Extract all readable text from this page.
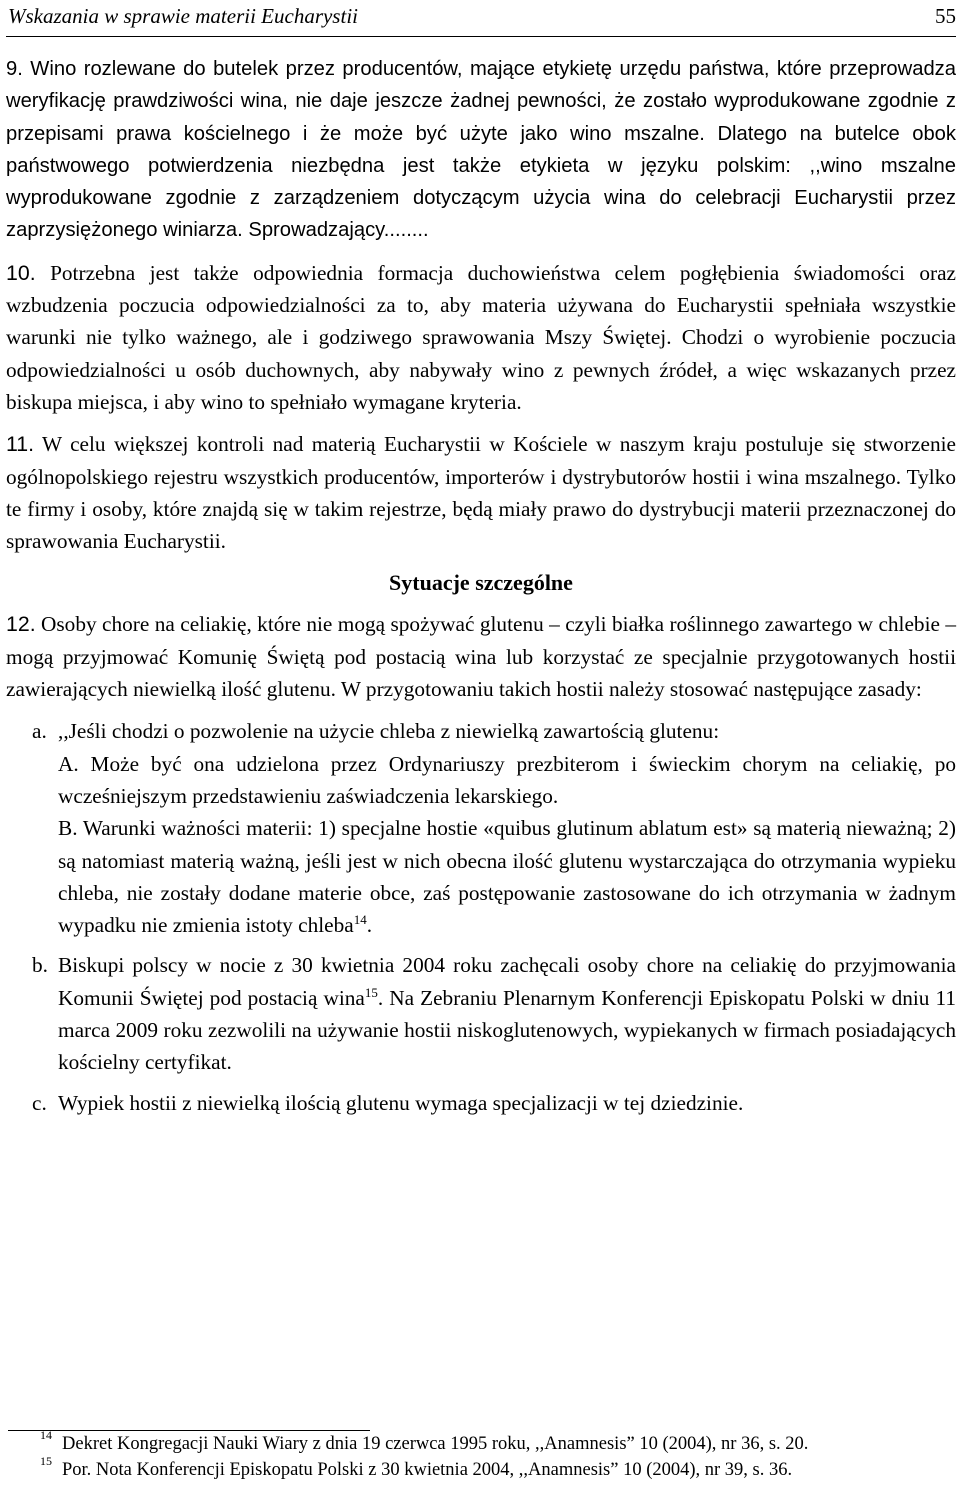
Wskazania w sprawie materii Eucharystii	55

9. Wino rozlewane do butelek przez producentów, mające etykietę urzędu państwa, które przeprowadza weryfikację prawdziwości wina, nie daje jeszcze żadnej pewności, że zostało wyprodukowane zgodnie z przepisami prawa kościelnego i że może być użyte jako wino mszalne. Dlatego na butelce obok państwowego potwierdzenia niezbędna jest także etykieta w języku polskim: ,,wino mszalne wyprodukowane zgodnie z zarządzeniem dotyczącym użycia wina do celebracji Eucharystii przez zaprzysiężonego winiarza. Sprowadzający........

10. Potrzebna jest także odpowiednia formacja duchowieństwa celem pogłębienia świadomości oraz wzbudzenia poczucia odpowiedzialności za to, aby materia używana do Eucharystii spełniała wszystkie warunki nie tylko ważnego, ale i godziwego sprawowania Mszy Świętej. Chodzi o wyrobienie poczucia odpowiedzialności u osób duchownych, aby nabywały wino z pewnych źródeł, a więc wskazanych przez biskupa miejsca, i aby wino to spełniało wymagane kryteria.

11. W celu większej kontroli nad materią Eucharystii w Kościele w naszym kraju postuluje się stworzenie ogólnopolskiego rejestru wszystkich producentów, importerów i dystrybutorów hostii i wina mszalnego. Tylko te firmy i osoby, które znajdą się w takim rejestrze, będą miały prawo do dystrybucji materii przeznaczonej do sprawowania Eucharystii.

Sytuacje szczególne

12. Osoby chore na celiakię, które nie mogą spożywać glutenu – czyli białka roślinnego zawartego w chlebie – mogą przyjmować Komunię Świętą pod postacią wina lub korzystać ze specjalnie przygotowanych hostii zawierających niewielką ilość glutenu. W przygotowaniu takich hostii należy stosować następujące zasady:

a. ,,Jeśli chodzi o pozwolenie na użycie chleba z niewielką zawartością glutenu:
A. Może być ona udzielona przez Ordynariuszy prezbiterom i świeckim chorym na celiakię, po wcześniejszym przedstawieniu zaświadczenia lekarskiego.
B. Warunki ważności materii: 1) specjalne hostie «quibus glutinum ablatum est» są materią nieważną; 2) są natomiast materią ważną, jeśli jest w nich obecna ilość glutenu wystarczająca do otrzymania wypieku chleba, nie zostały dodane materie obce, zaś postępowanie zastosowane do ich otrzymania w żadnym wypadku nie zmienia istoty chleba$^{14}$.
b. Biskupi polscy w nocie z 30 kwietnia 2004 roku zachęcali osoby chore na celiakię do przyjmowania Komunii Świętej pod postacią wina$^{15}$. Na Zebraniu Plenarnym Konferencji Episkopatu Polski w dniu 11 marca 2009 roku zezwolili na używanie hostii niskoglutenowych, wypiekanych w firmach posiadających kościelny certyfikat.
c. Wypiek hostii z niewielką ilością glutenu wymaga specjalizacji w tej dziedzinie.
14 Dekret Kongregacji Nauki Wiary z dnia 19 czerwca 1995 roku, ,,Anamnesis” 10 (2004), nr 36, s. 20.
15 Por. Nota Konferencji Episkopatu Polski z 30 kwietnia 2004, ,,Anamnesis” 10 (2004), nr 39, s. 36.
